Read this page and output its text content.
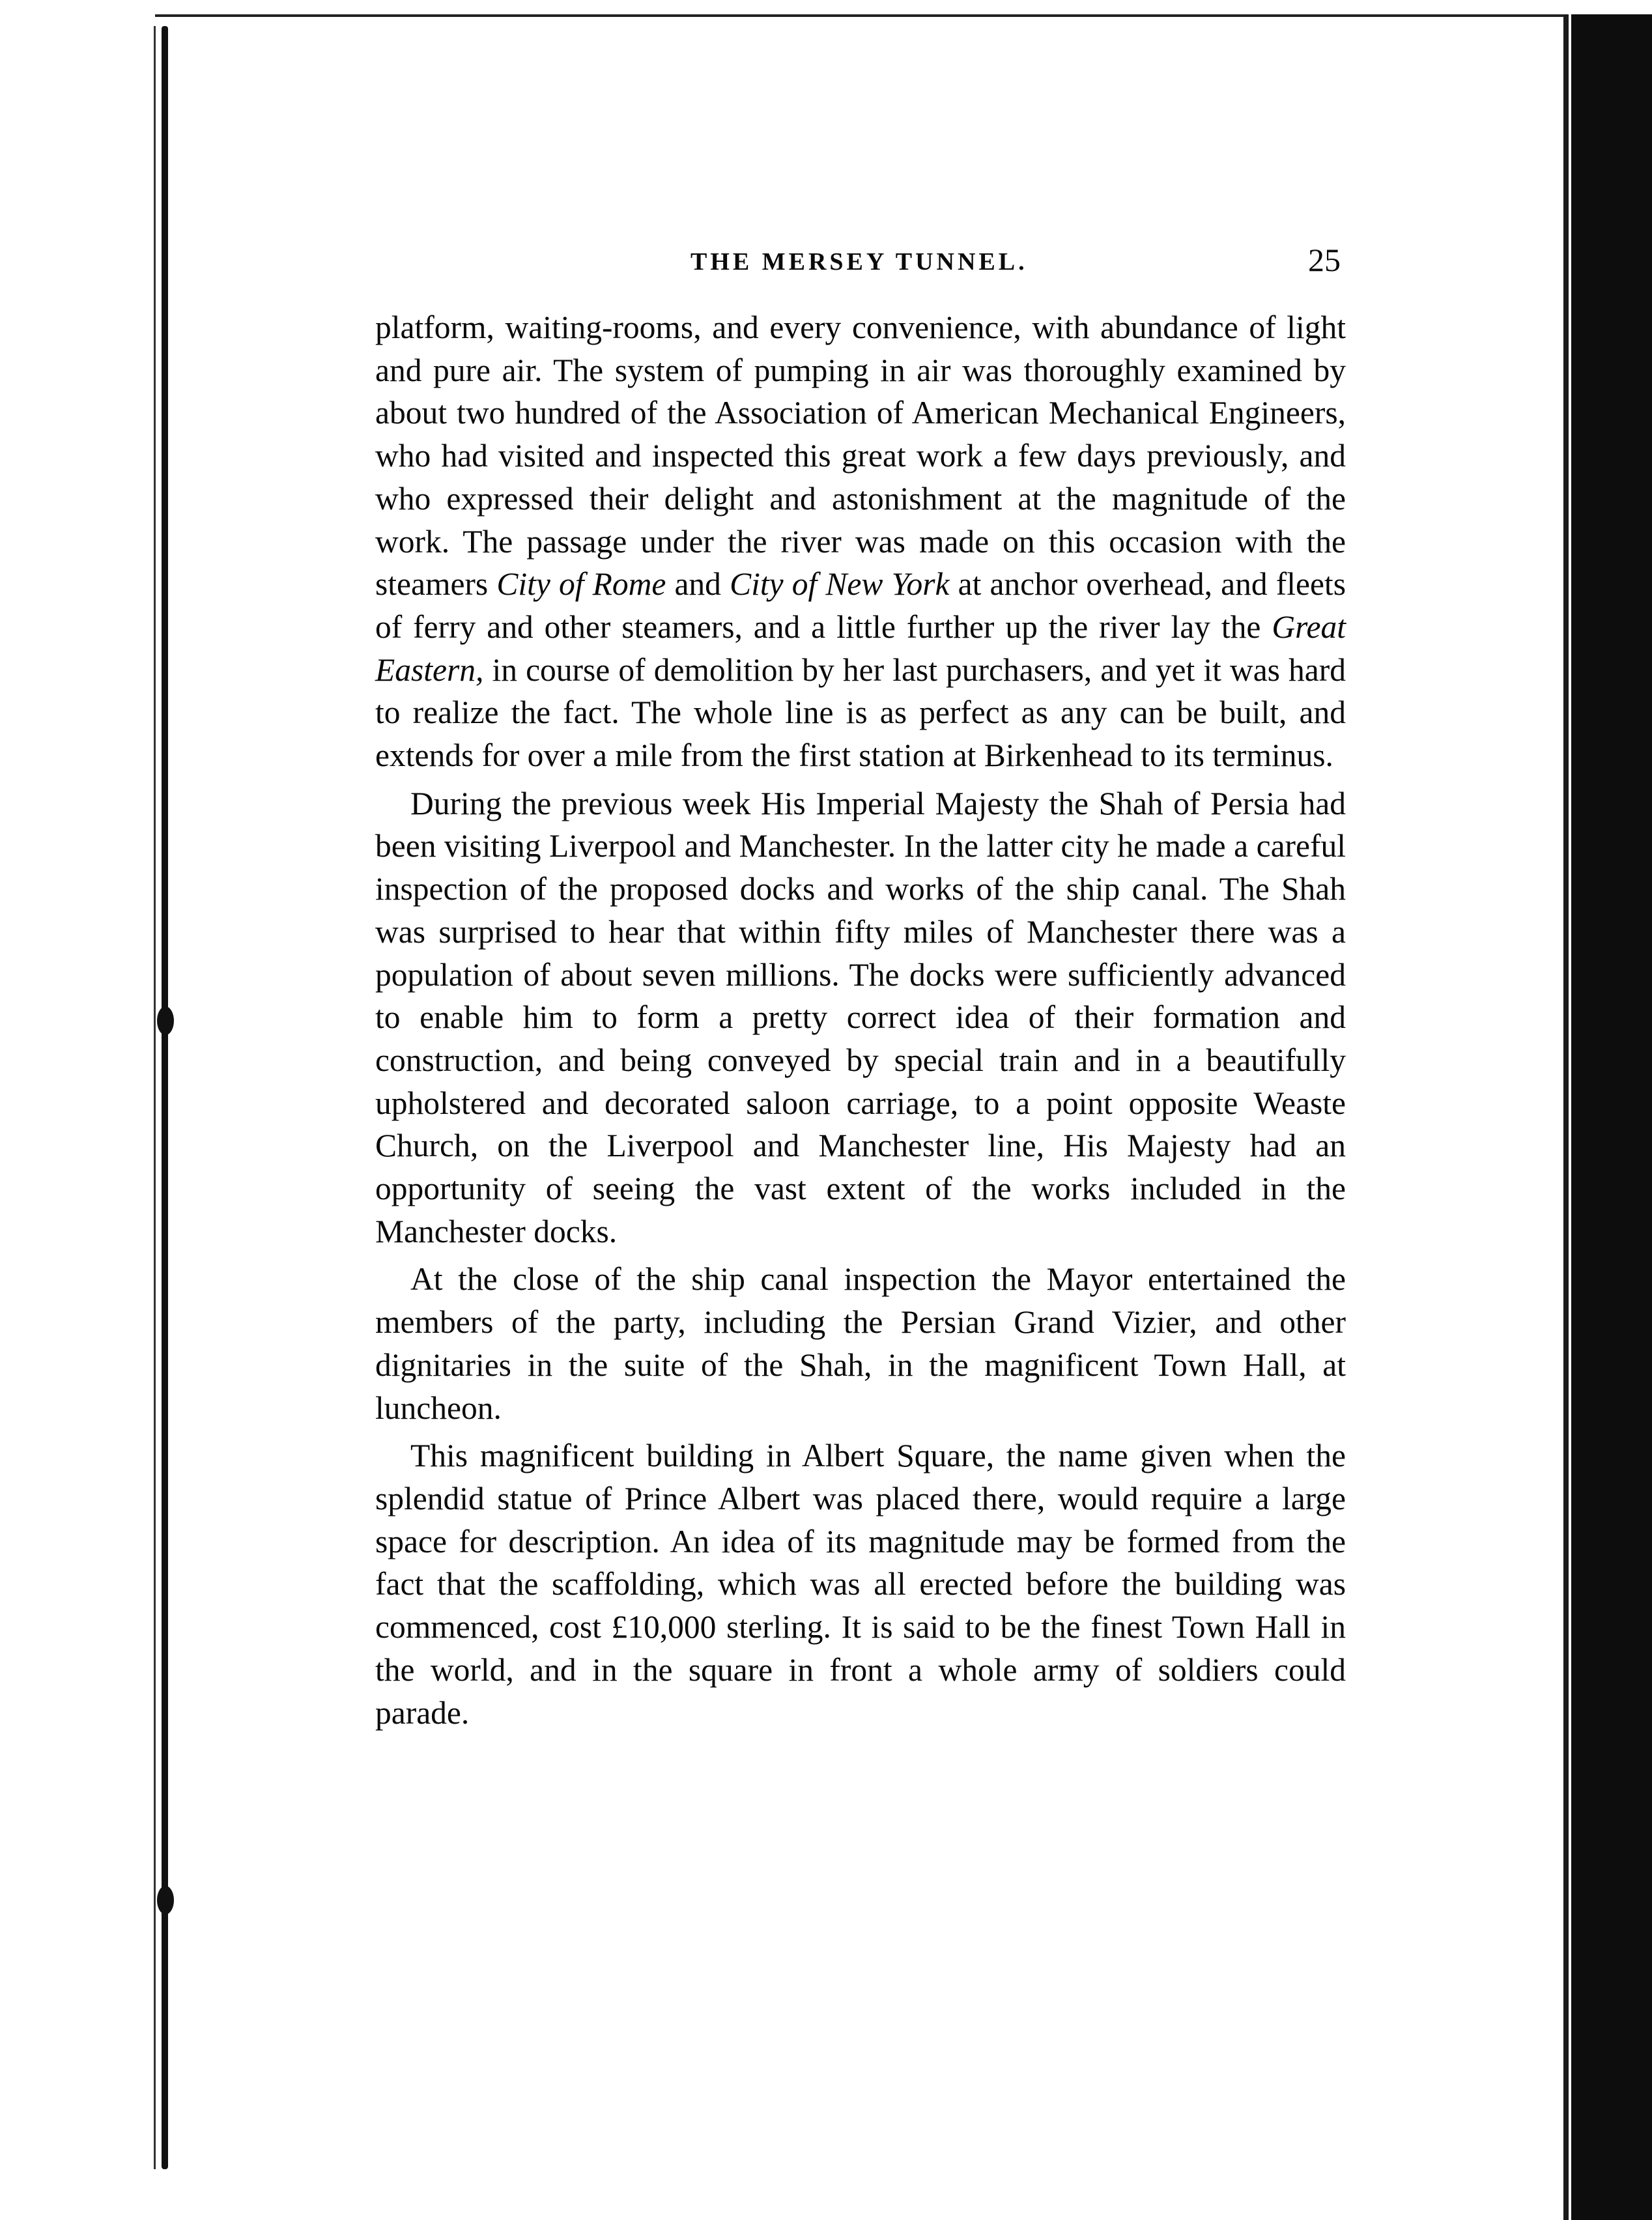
THE MERSEY TUNNEL.	25

platform, waiting-rooms, and every convenience, with abundance of light and pure air. The system of pumping in air was thoroughly examined by about two hundred of the Association of American Mechanical Engineers, who had visited and inspected this great work a few days previously, and who expressed their delight and astonishment at the magnitude of the work. The passage under the river was made on this occasion with the steamers City of Rome and City of New York at anchor overhead, and fleets of ferry and other steamers, and a little further up the river lay the Great Eastern, in course of demolition by her last purchasers, and yet it was hard to realize the fact. The whole line is as perfect as any can be built, and extends for over a mile from the first station at Birkenhead to its terminus.

During the previous week His Imperial Majesty the Shah of Persia had been visiting Liverpool and Manchester. In the latter city he made a careful inspection of the proposed docks and works of the ship canal. The Shah was surprised to hear that within fifty miles of Manchester there was a population of about seven millions. The docks were sufficiently advanced to enable him to form a pretty correct idea of their formation and construction, and being conveyed by special train and in a beautifully upholstered and decorated saloon carriage, to a point opposite Weaste Church, on the Liverpool and Manchester line, His Majesty had an opportunity of seeing the vast extent of the works included in the Manchester docks.

At the close of the ship canal inspection the Mayor entertained the members of the party, including the Persian Grand Vizier, and other dignitaries in the suite of the Shah, in the magnificent Town Hall, at luncheon.

This magnificent building in Albert Square, the name given when the splendid statue of Prince Albert was placed there, would require a large space for description. An idea of its magnitude may be formed from the fact that the scaffolding, which was all erected before the building was commenced, cost £10,000 sterling. It is said to be the finest Town Hall in the world, and in the square in front a whole army of soldiers could parade.
